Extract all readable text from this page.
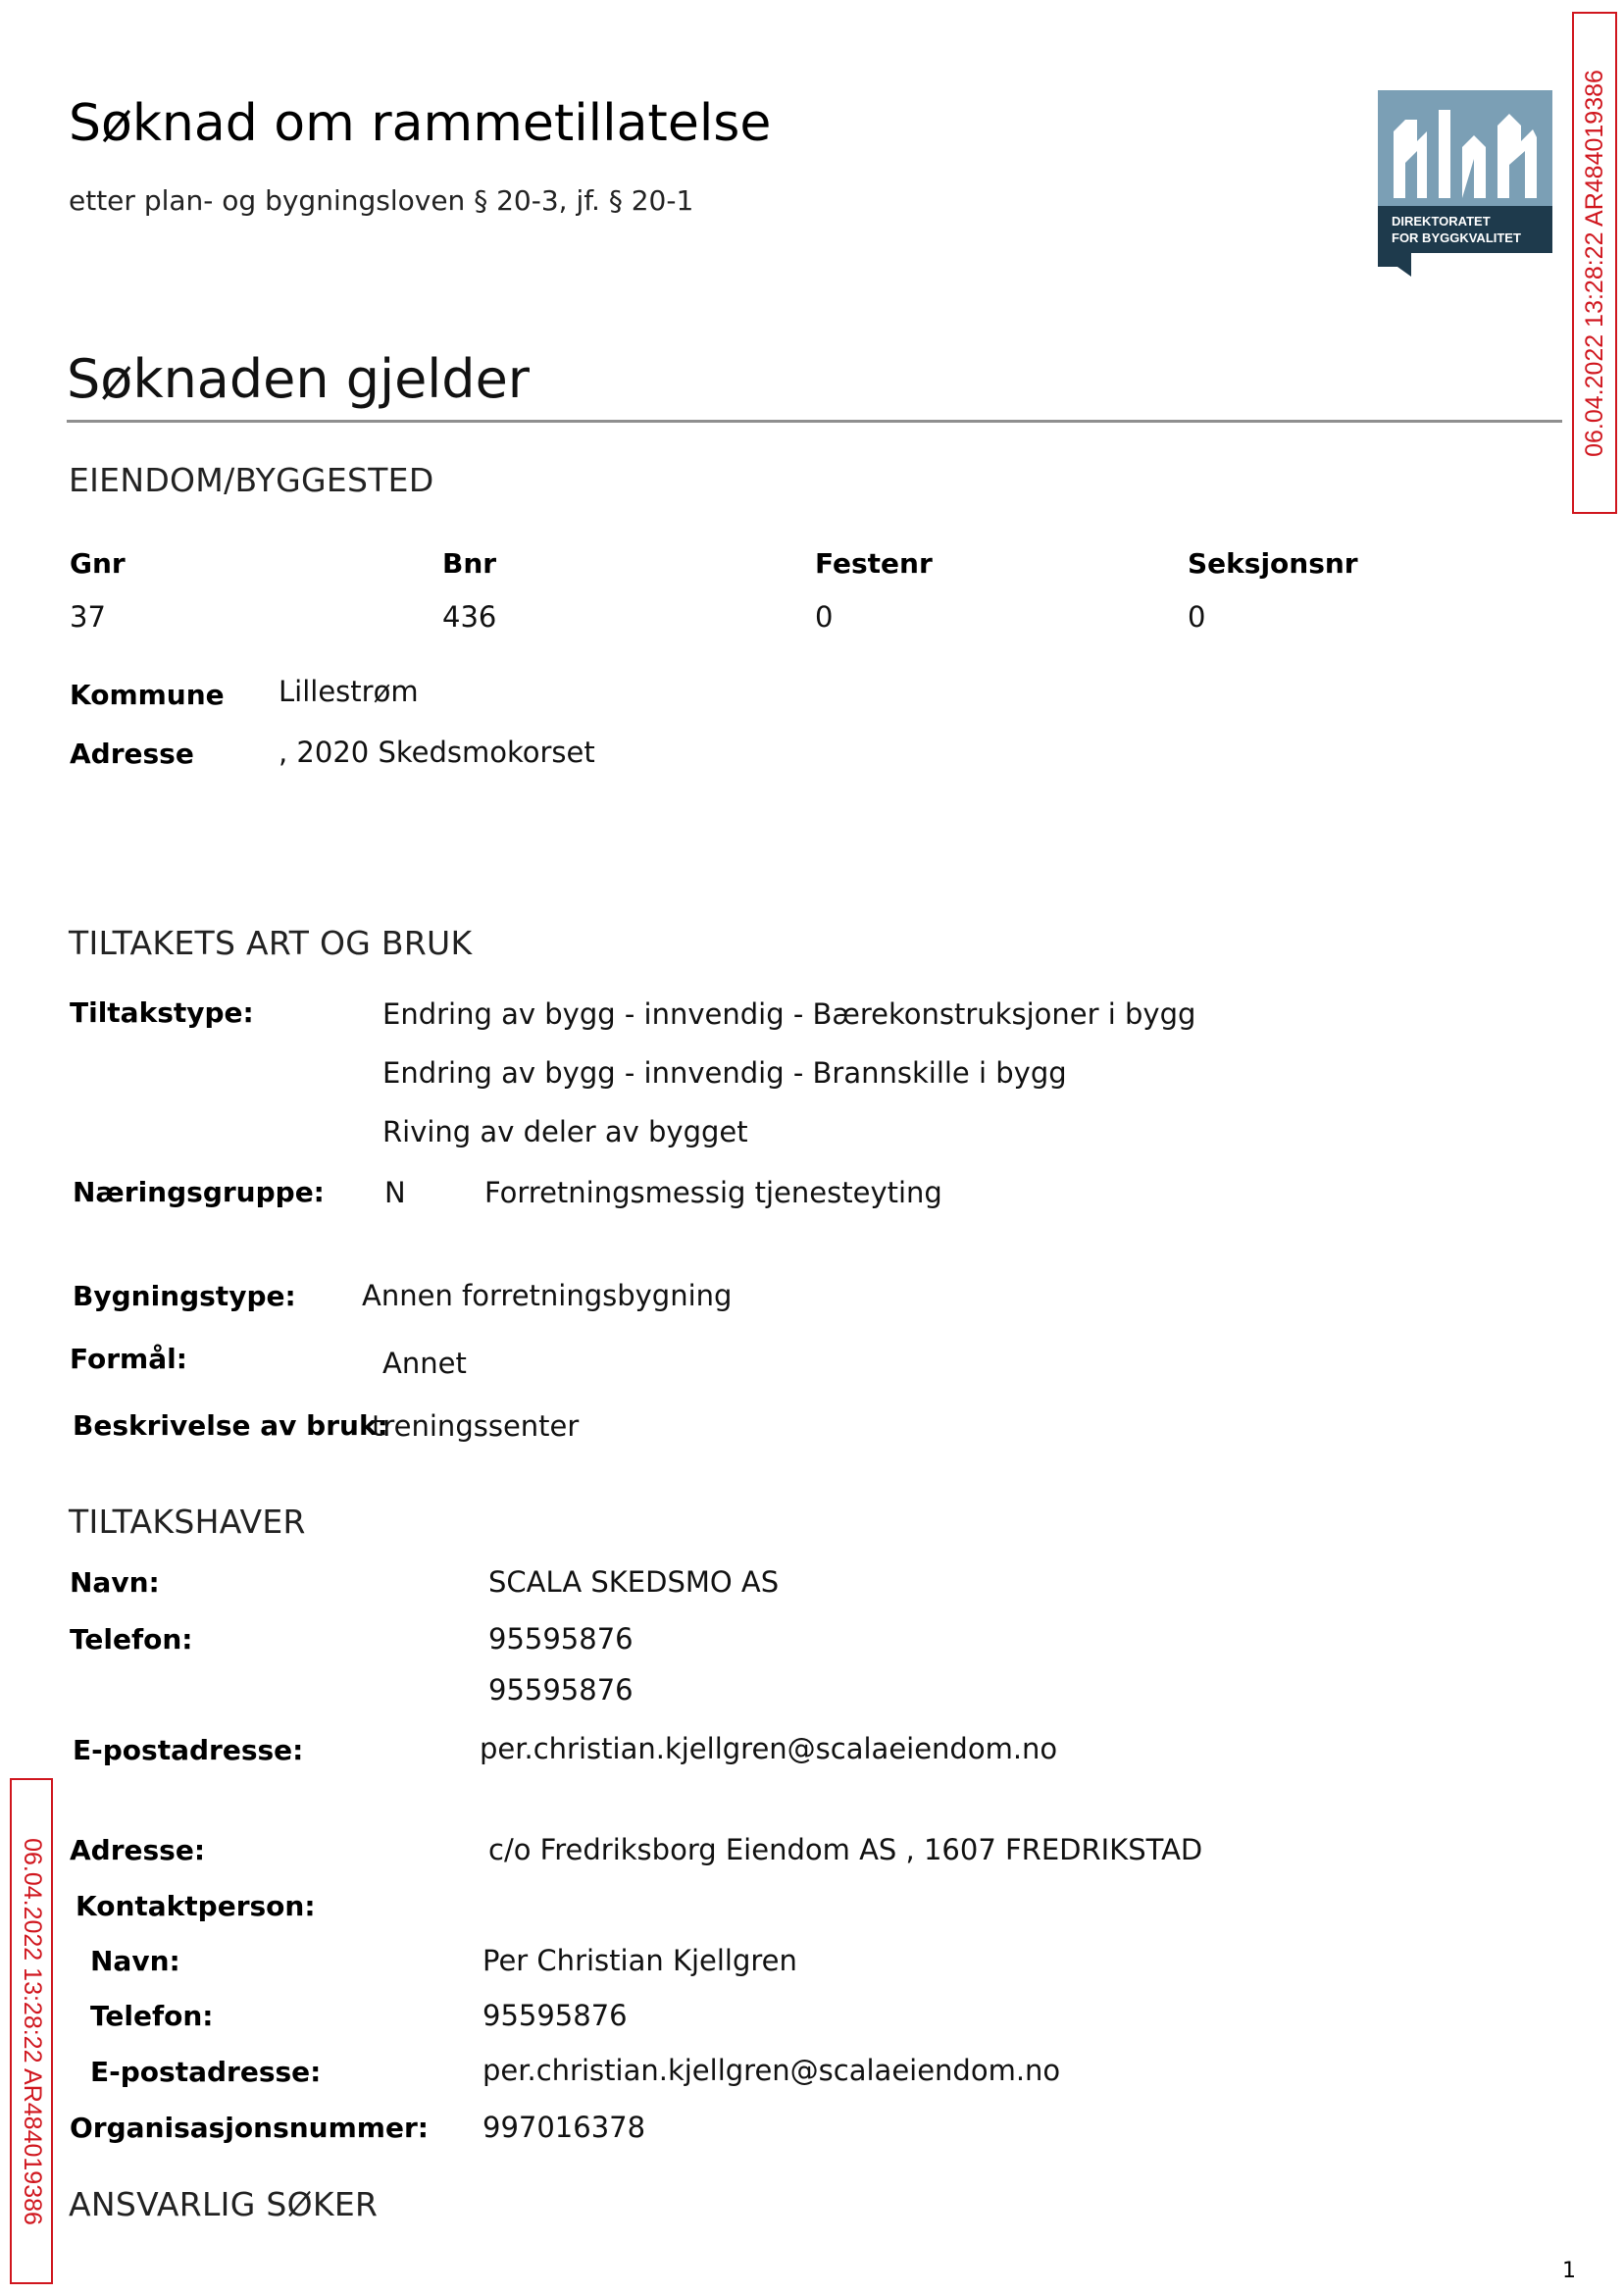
Søknad om rammetillatelse
etter plan- og bygningsloven § 20-3, jf. § 20-1
DIREKTORATET
FOR BYGGKVALITET 06.04.2022 13:28:22 AR484019386
06.04.2022 13:28:22 AR484019386
Søknaden gjelder
EIENDOM/BYGGESTED
Gnr	Bnr	Festenr	Seksjonsnr
37	436	0	0
Kommune Lillestrøm
Adresse	, 2020 Skedsmokorset
TILTAKETS ART OG BRUK
Tiltakstype:	Endring av bygg - innvendig - Bærekonstruksjoner i bygg
Endring av bygg - innvendig - Brannskille i bygg
Riving av deler av bygget
Næringsgruppe: N	Forretningsmessig tjenesteyting
Bygningstype: Annen forretningsbygning
Formål:	Annet
Beskrivelse av bruk:
treningssenter
TILTAKSHAVER
Navn:	SCALA SKEDSMO AS
Telefon:	95595876
95595876
E-postadresse:	per.christian.kjellgren@scalaeiendom.no
Adresse:	c/o Fredriksborg Eiendom AS , 1607 FREDRIKSTAD
Kontaktperson:
Navn:	Per Christian Kjellgren
Telefon:	95595876
E-postadresse:	per.christian.kjellgren@scalaeiendom.no
Organisasjonsnummer: 997016378
ANSVARLIG SØKER
1
